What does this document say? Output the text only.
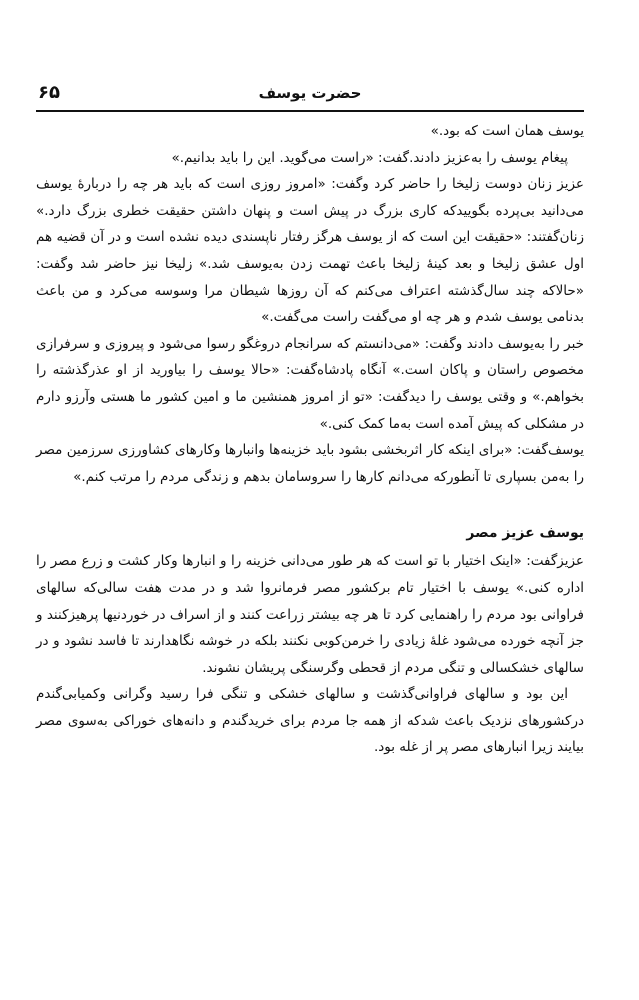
حضرت یوسف
۶۵

یوسف همان است که بود.»

پیغام یوسف را به‌عزیز دادند.گفت: «راست می‌گوید. این را باید بدانیم.»

عزیز زنان دوست زلیخا را حاضر کرد وگفت: «امروز روزی است که باید هر چه را دربارهٔ یوسف می‌دانید بی‌پرده بگوییدکه کاری بزرگ در پیش است و پنهان داشتن حقیقت خطری بزرگ دارد.» زنان‌گفتند: «حقیقت این است که از یوسف هرگز رفتار ناپسندی دیده نشده است و در آن قضیه هم اول عشق زلیخا و بعد کینهٔ زلیخا باعث تهمت زدن به‌یوسف شد.» زلیخا نیز حاضر شد وگفت: «حالاکه چند سال‌گذشته اعتراف می‌کنم که آن روزها شیطان مرا وسوسه می‌کرد و من باعث بدنامی یوسف شدم و هر چه او می‌گفت راست می‌گفت.»

خبر را به‌یوسف دادند وگفت: «می‌دانستم که سرانجام دروغگو رسوا می‌شود و پیروزی و سرفرازی مخصوص راستان و پاکان است.» آنگاه پادشاه‌گفت: «حالا یوسف را بیاورید از او عذرگذشته را بخواهم.» و وقتی یوسف را دیدگفت: «تو از امروز همنشین ما و امین کشور ما هستی وآرزو دارم در مشکلی که پیش آمده است به‌ما کمک کنی.»

یوسف‌گفت: «برای اینکه کار اثربخشی بشود باید خزینه‌ها وانبارها وکارهای کشاورزی سرزمین مصر را به‌من بسپاری تا آنطورکه می‌دانم کارها را سروسامان بدهم و زندگی مردم را مرتب کنم.»

یوسف عزیز مصر

عزیز‌گفت: «اینک اختیار با تو است که هر طور می‌دانی خزینه را و انبارها وکار کشت و زرع مصر را اداره کنی.» یوسف با اختیار تام برکشور مصر فرمانروا شد و در مدت هفت سالی‌که سالهای فراوانی بود مردم را راهنمایی کرد تا هر چه بیشتر زراعت کنند و از اسراف در خوردنیها پرهیزکنند و جز آنچه خورده می‌شود غلهٔ زیادی را خرمن‌کوبی نکنند بلکه در خوشه نگاهدارند تا فاسد نشود و در سالهای خشکسالی و تنگی مردم از قحطی وگرسنگی پریشان نشوند.

این بود و سالهای فراوانی‌گذشت و سالهای خشکی و تنگی فرا رسید وگرانی وکمیابی‌گندم درکشورهای نزدیک باعث شدکه از همه جا مردم برای خریدگندم و دانه‌های خوراکی به‌سوی مصر بیایند زیرا انبارهای مصر پر از غله بود.
